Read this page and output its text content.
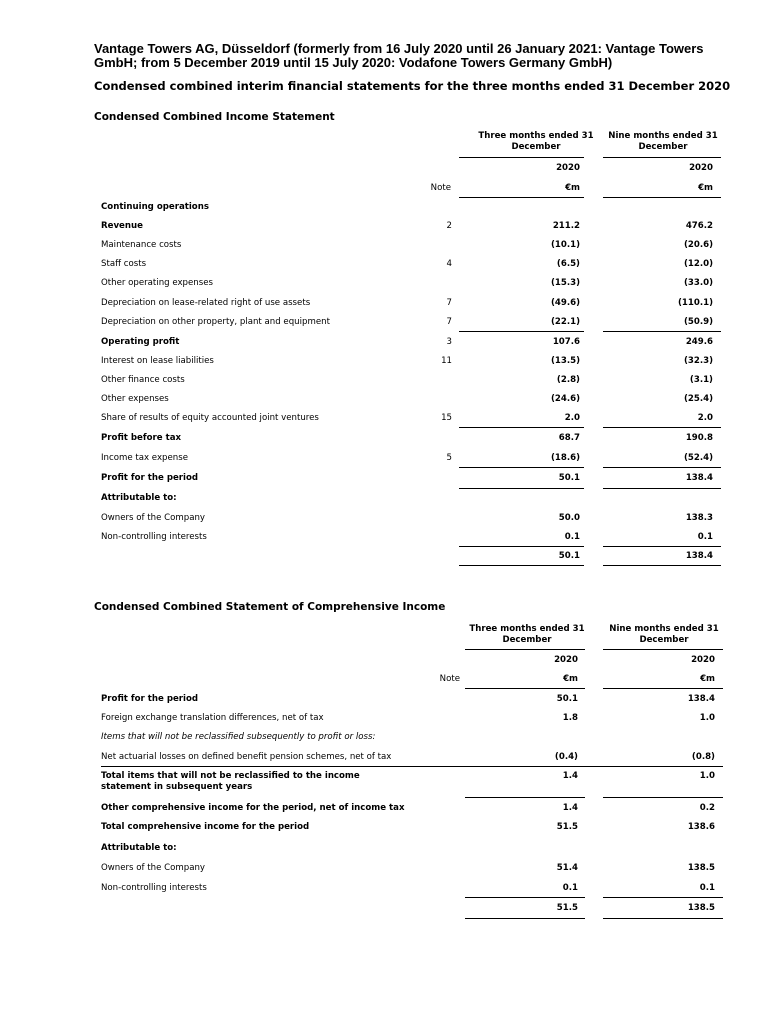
Vantage Towers AG, Düsseldorf (formerly from 16 July 2020 until 26 January 2021: Vantage Towers GmbH; from 5 December 2019 until 15 July 2020: Vodafone Towers Germany GmbH)
Condensed combined interim financial statements for the three months ended 31 December 2020
Condensed Combined Income Statement
Three months ended 31 December
Nine months ended 31 December
2020	2020
Note	€m	€m
Continuing operations
Revenue	2	211.2	476.2
Maintenance costs	(10.1)	(20.6)
Staff costs	4	(6.5)	(12.0)
Other operating expenses	(15.3)	(33.0)
Depreciation on lease-related right of use assets	7	(49.6)	(110.1)
Depreciation on other property, plant and equipment	7	(22.1)	(50.9)
Operating profit	3	107.6	249.6
Interest on lease liabilities	11	(13.5)	(32.3)
Other finance costs	(2.8)	(3.1)
Other expenses	(24.6)	(25.4)
Share of results of equity accounted joint ventures	15	2.0	2.0
Profit before tax	68.7	190.8
Income tax expense	5	(18.6)	(52.4)
Profit for the period	50.1	138.4
Attributable to:
Owners of the Company	50.0	138.3
Non-controlling interests	0.1	0.1
50.1	138.4
Condensed Combined Statement of Comprehensive Income
Three months ended 31 December
Nine months ended 31 December
2020	2020
Note	€m	€m
Profit for the period	50.1	138.4
Foreign exchange translation differences, net of tax	1.8	1.0
Items that will not be reclassified subsequently to profit or loss:
Net actuarial losses on defined benefit pension schemes, net of tax	(0.4)	(0.8)
Total items that will not be reclassified to the income statement in subsequent years
1.4	1.0
Other comprehensive income for the period, net of income tax	1.4	0.2
Total comprehensive income for the period	51.5	138.6
Attributable to:
Owners of the Company	51.4	138.5
Non-controlling interests	0.1	0.1
51.5	138.5
